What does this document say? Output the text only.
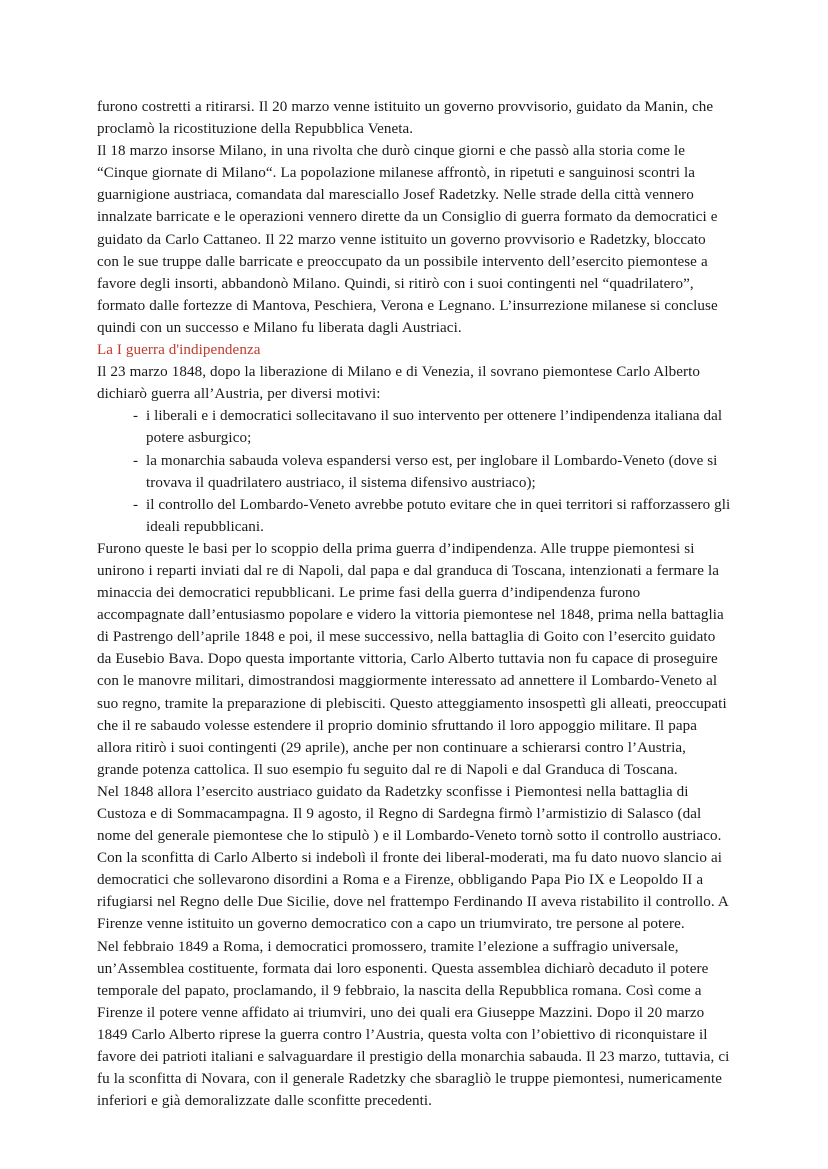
furono costretti a ritirarsi. Il 20 marzo venne istituito un governo provvisorio, guidato da Manin, che proclamò la ricostituzione della Repubblica Veneta.

Il 18 marzo insorse Milano, in una rivolta che durò cinque giorni e che passò alla storia come le “Cinque giornate di Milano“. La popolazione milanese affrontò, in ripetuti e sanguinosi scontri la guarnigione austriaca, comandata dal maresciallo Josef Radetzky. Nelle strade della città vennero innalzate barricate e le operazioni vennero dirette da un Consiglio di guerra formato da democratici e guidato da Carlo Cattaneo. Il 22 marzo venne istituito un governo provvisorio e Radetzky, bloccato con le sue truppe dalle barricate e preoccupato da un possibile intervento dell’esercito piemontese a favore degli insorti, abbandonò Milano. Quindi, si ritirò con i suoi contingenti nel “quadrilatero”, formato dalle fortezze di Mantova, Peschiera, Verona e Legnano. L’insurrezione milanese si concluse quindi con un successo e Milano fu liberata dagli Austriaci.

La I guerra d'indipendenza

Il 23 marzo 1848, dopo la liberazione di Milano e di Venezia, il sovrano piemontese Carlo Alberto dichiarò guerra all’Austria, per diversi motivi:

- i liberali e i democratici sollecitavano il suo intervento per ottenere l’indipendenza italiana dal potere asburgico;
- la monarchia sabauda voleva espandersi verso est, per inglobare il Lombardo-Veneto (dove si trovava il quadrilatero austriaco, il sistema difensivo austriaco);
- il controllo del Lombardo-Veneto avrebbe potuto evitare che in quei territori si rafforzassero gli ideali repubblicani.

Furono queste le basi per lo scoppio della prima guerra d’indipendenza. Alle truppe piemontesi si unirono i reparti inviati dal re di Napoli, dal papa e dal granduca di Toscana, intenzionati a fermare la minaccia dei democratici repubblicani. Le prime fasi della guerra d’indipendenza furono accompagnate dall’entusiasmo popolare e videro la vittoria piemontese nel 1848, prima nella battaglia di Pastrengo dell’aprile 1848 e poi, il mese successivo, nella battaglia di Goito con l’esercito guidato da Eusebio Bava. Dopo questa importante vittoria, Carlo Alberto tuttavia non fu capace di proseguire con le manovre militari, dimostrandosi maggiormente interessato ad annettere il Lombardo-Veneto al suo regno, tramite la preparazione di plebisciti. Questo atteggiamento insospettì gli alleati, preoccupati che il re sabaudo volesse estendere il proprio dominio sfruttando il loro appoggio militare. Il papa allora ritirò i suoi contingenti (29 aprile), anche per non continuare a schierarsi contro l’Austria, grande potenza cattolica. Il suo esempio fu seguito dal re di Napoli e dal Granduca di Toscana.

Nel 1848 allora l’esercito austriaco guidato da Radetzky sconfisse i Piemontesi nella battaglia di Custoza e di Sommacampagna. Il 9 agosto, il Regno di Sardegna firmò l’armistizio di Salasco (dal nome del generale piemontese che lo stipulò ) e il Lombardo-Veneto tornò sotto il controllo austriaco. Con la sconfitta di Carlo Alberto si indebolì il fronte dei liberal-moderati, ma fu dato nuovo slancio ai democratici che sollevarono disordini a Roma e a Firenze, obbligando Papa Pio IX e Leopoldo II a rifugiarsi nel Regno delle Due Sicilie, dove nel frattempo Ferdinando II aveva ristabilito il controllo. A Firenze venne istituito un governo democratico con a capo un triumvirato, tre persone al potere.

Nel febbraio 1849 a Roma, i democratici promossero, tramite l’elezione a suffragio universale, un’Assemblea costituente, formata dai loro esponenti. Questa assemblea dichiarò decaduto il potere temporale del papato, proclamando, il 9 febbraio, la nascita della Repubblica romana. Così come a Firenze il potere venne affidato ai triumviri, uno dei quali era Giuseppe Mazzini. Dopo il 20 marzo 1849 Carlo Alberto riprese la guerra contro l’Austria, questa volta con l’obiettivo di riconquistare il favore dei patrioti italiani e salvaguardare il prestigio della monarchia sabauda. Il 23 marzo, tuttavia, ci fu la sconfitta di Novara, con il generale Radetzky che sbaragliò le truppe piemontesi, numericamente inferiori e già demoralizzate dalle sconfitte precedenti.
